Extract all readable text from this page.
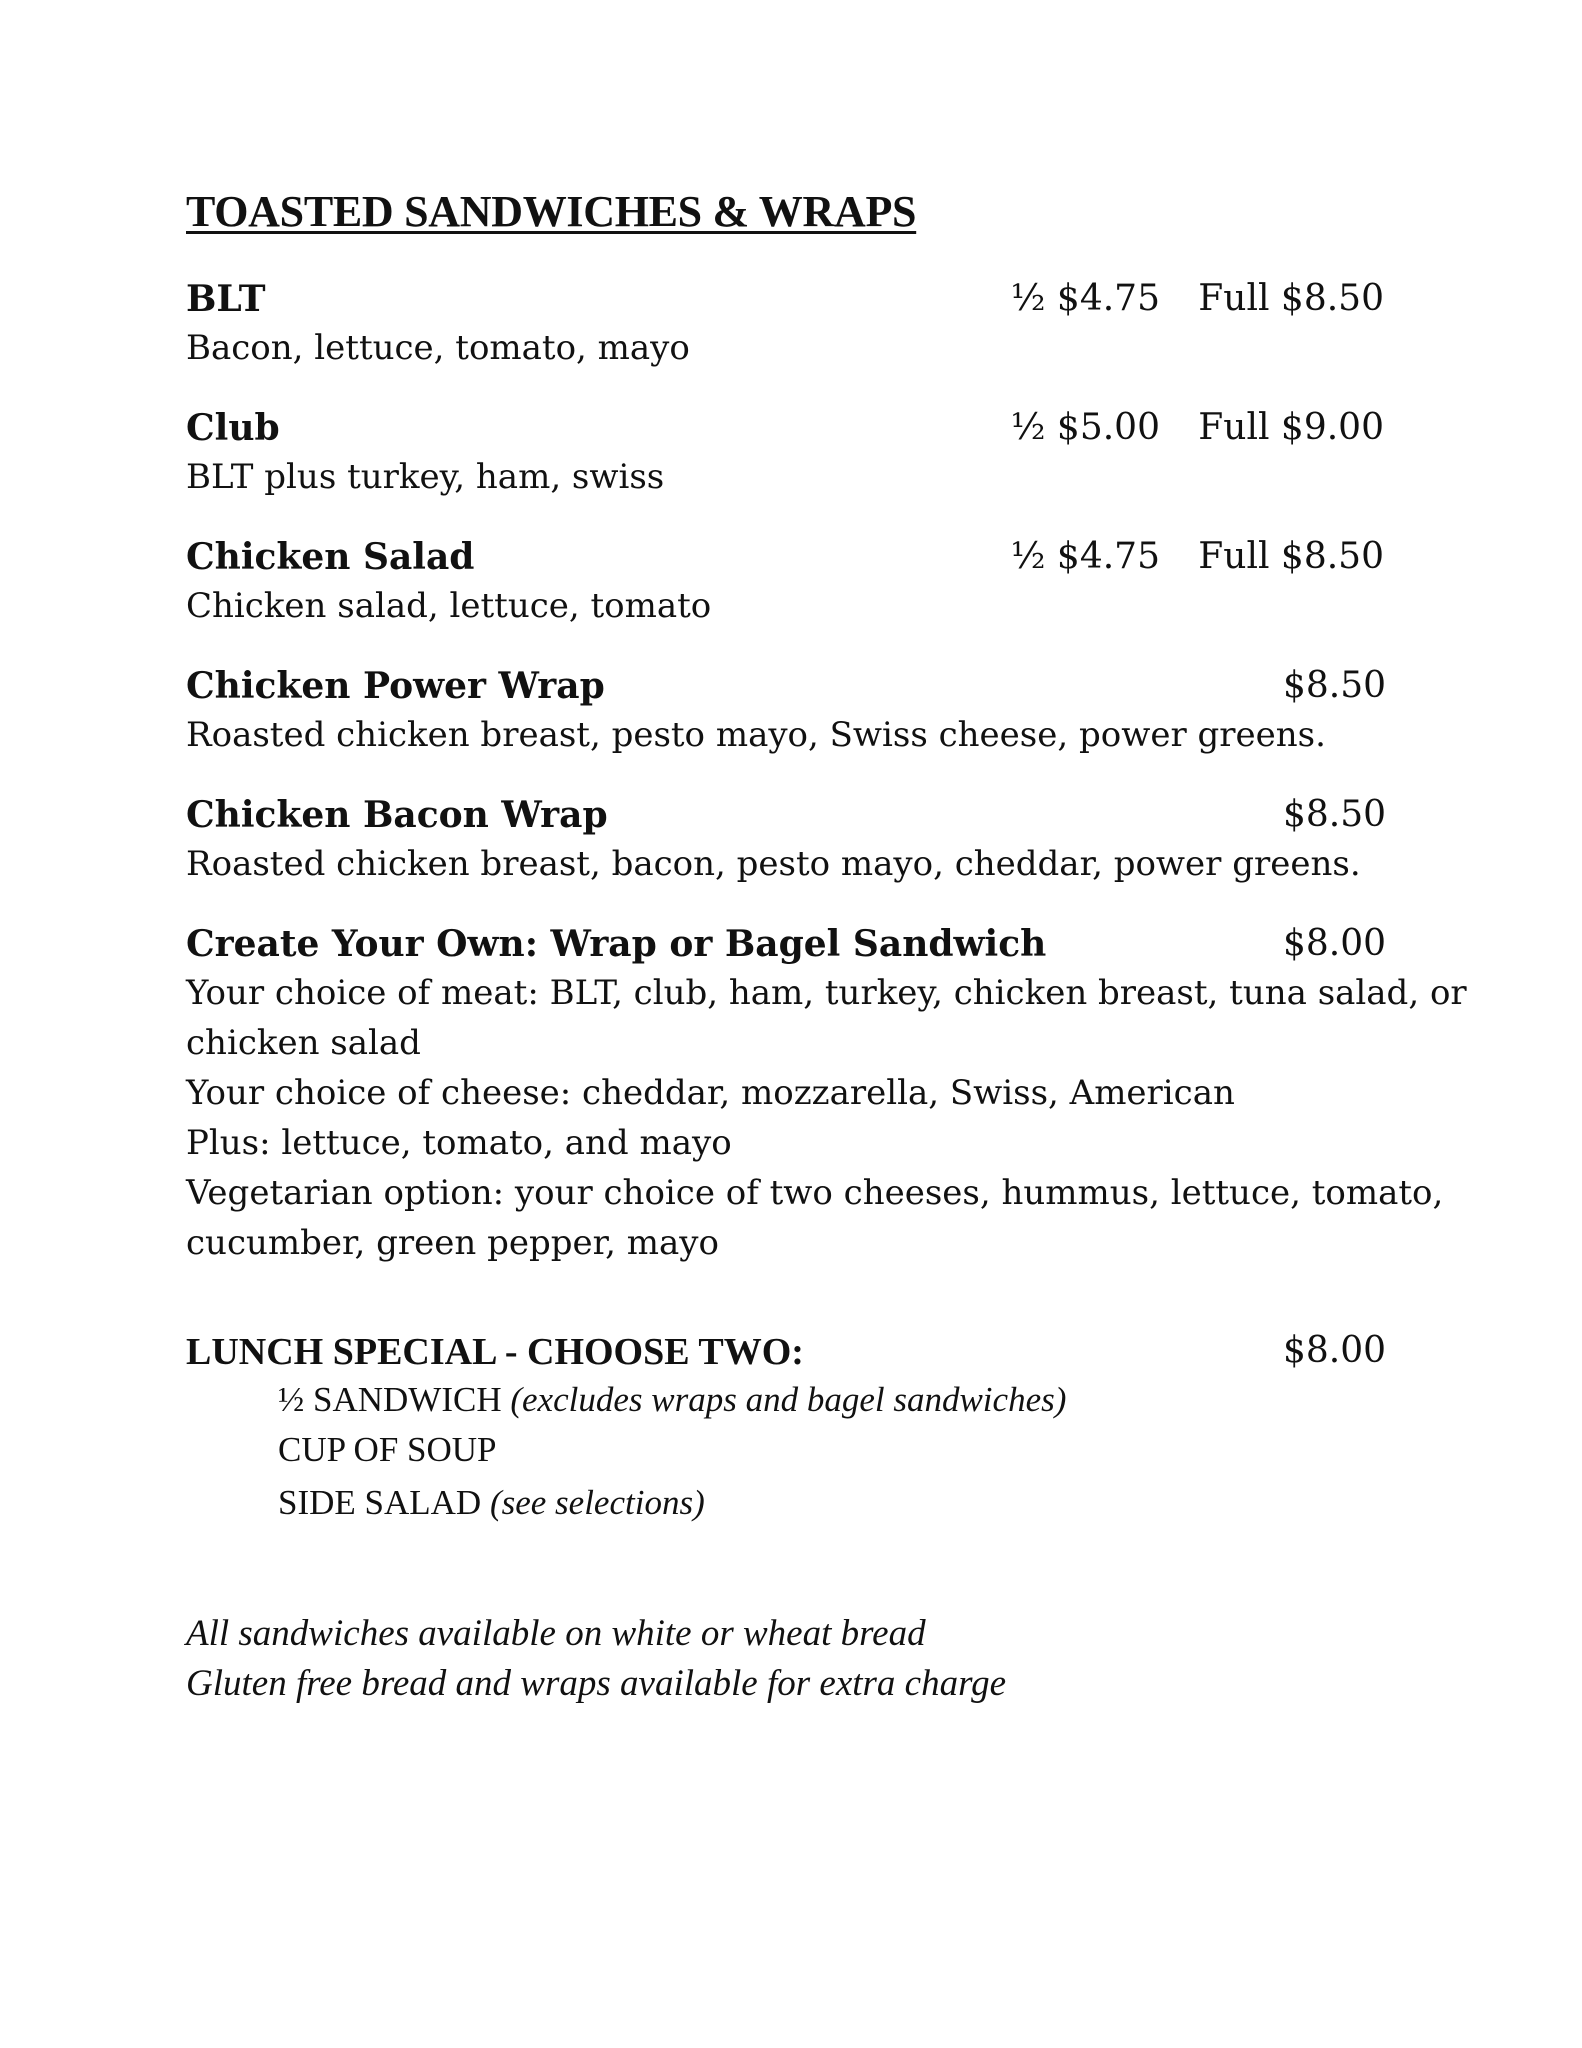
TOASTED SANDWICHES & WRAPS
BLT	½ $4.75 Full $8.50
Bacon, lettuce, tomato, mayo
Club	½ $5.00 Full $9.00
BLT plus turkey, ham, swiss
Chicken Salad	½ $4.75 Full $8.50
Chicken salad, lettuce, tomato
Chicken Power Wrap	$8.50
Roasted chicken breast, pesto mayo, Swiss cheese, power greens.
Chicken Bacon Wrap	$8.50
Roasted chicken breast, bacon, pesto mayo, cheddar, power greens.
Create Your Own: Wrap or Bagel Sandwich	$8.00
Your choice of meat: BLT, club, ham, turkey, chicken breast, tuna salad, or
chicken salad
Your choice of cheese: cheddar, mozzarella, Swiss, American
Plus: lettuce, tomato, and mayo
Vegetarian option: your choice of two cheeses, hummus, lettuce, tomato,
cucumber, green pepper, mayo
LUNCH SPECIAL - CHOOSE TWO:	$8.00
½ SANDWICH (excludes wraps and bagel sandwiches)
CUP OF SOUP
SIDE SALAD (see selections)
All sandwiches available on white or wheat bread
Gluten free bread and wraps available for extra charge
